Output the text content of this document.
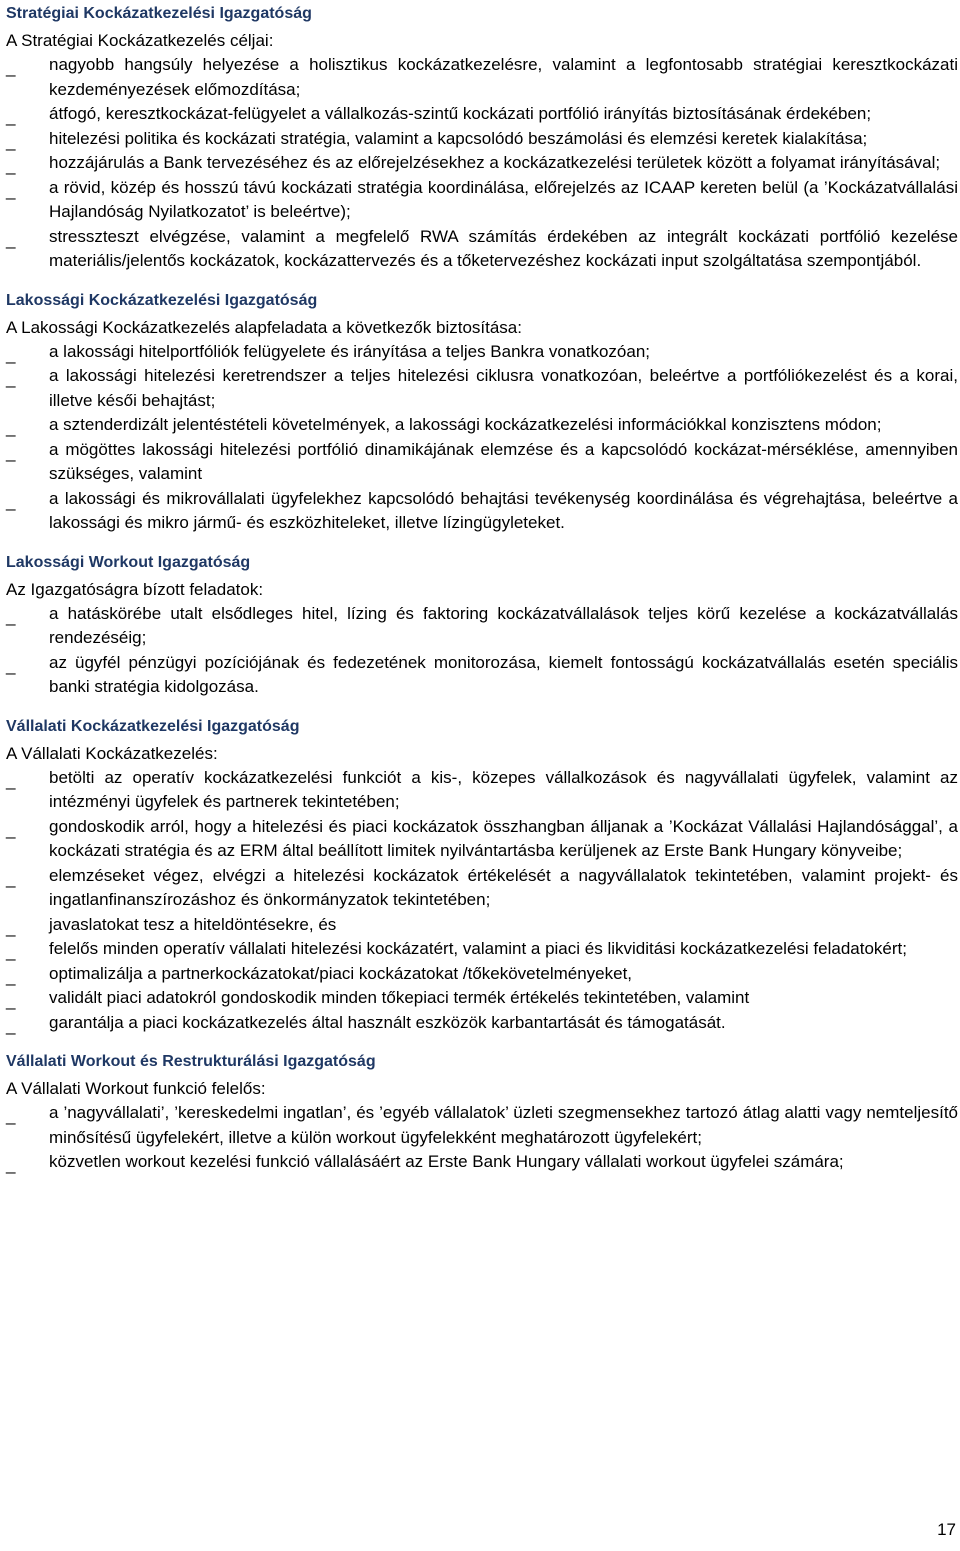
Stratégiai Kockázatkezelési Igazgatóság

A Stratégiai Kockázatkezelés céljai:

_ nagyobb hangsúly helyezése a holisztikus kockázatkezelésre, valamint a legfontosabb stratégiai keresztkockázati kezdeményezések előmozdítása;
_ átfogó, keresztkockázat-felügyelet a vállalkozás-szintű kockázati portfólió irányítás biztosításának érdekében;
_ hitelezési politika és kockázati stratégia, valamint a kapcsolódó beszámolási és elemzési keretek kialakítása;
_ hozzájárulás a Bank tervezéséhez és az előrejelzésekhez a kockázatkezelési területek között a folyamat irányításával;
_ a rövid, közép és hosszú távú kockázati stratégia koordinálása, előrejelzés az ICAAP kereten belül (a ’Kockázatvállalási Hajlandóság Nyilatkozatot’ is beleértve);
_ stresszteszt elvégzése, valamint a megfelelő RWA számítás érdekében az integrált kockázati portfólió kezelése materiális/jelentős kockázatok, kockázattervezés és a tőketervezéshez kockázati input szolgáltatása szempontjából.
Lakossági Kockázatkezelési Igazgatóság

A Lakossági Kockázatkezelés alapfeladata a következők biztosítása:

_ a lakossági hitelportfóliók felügyelete és irányítása a teljes Bankra vonatkozóan;
_ a lakossági hitelezési keretrendszer a teljes hitelezési ciklusra vonatkozóan, beleértve a portfóliókezelést és a korai, illetve késői behajtást;
_ a sztenderdizált jelentéstételi követelmények, a lakossági kockázatkezelési információkkal konzisztens módon;
_ a mögöttes lakossági hitelezési portfólió dinamikájának elemzése és a kapcsolódó kockázat-mérséklése, amennyiben szükséges, valamint
_ a lakossági és mikrovállalati ügyfelekhez kapcsolódó behajtási tevékenység koordinálása és végrehajtása, beleértve a lakossági és mikro jármű- és eszközhiteleket, illetve lízingügyleteket.
Lakossági Workout Igazgatóság

Az Igazgatóságra bízott feladatok:

_ a hatáskörébe utalt elsődleges hitel, lízing és faktoring kockázatvállalások teljes körű kezelése a kockázatvállalás rendezéséig;
_ az ügyfél pénzügyi pozíciójának és fedezetének monitorozása, kiemelt fontosságú kockázatvállalás esetén speciális banki stratégia kidolgozása.
Vállalati Kockázatkezelési Igazgatóság

A Vállalati Kockázatkezelés:

_ betölti az operatív kockázatkezelési funkciót a kis-, közepes vállalkozások és nagyvállalati ügyfelek, valamint az intézményi ügyfelek és partnerek tekintetében;
_ gondoskodik arról, hogy a hitelezési és piaci kockázatok összhangban álljanak a ’Kockázat Vállalási Hajlandósággal’, a kockázati stratégia és az ERM által beállított limitek nyilvántartásba kerüljenek az Erste Bank Hungary könyveibe;
_ elemzéseket végez, elvégzi a hitelezési kockázatok értékelését a nagyvállalatok tekintetében, valamint projekt- és ingatlanfinanszírozáshoz és önkormányzatok tekintetében;
_ javaslatokat tesz a hiteldöntésekre, és
_ felelős minden operatív vállalati hitelezési kockázatért, valamint a piaci és likviditási kockázatkezelési feladatokért;
_ optimalizálja a partnerkockázatokat/piaci kockázatokat /tőkekövetelményeket,
_ validált piaci adatokról gondoskodik minden tőkepiaci termék értékelés tekintetében, valamint
_ garantálja a piaci kockázatkezelés által használt eszközök karbantartását és támogatását.
Vállalati Workout és Restrukturálási Igazgatóság

A Vállalati Workout funkció felelős:

_ a ’nagyvállalati’, ’kereskedelmi ingatlan’, és ’egyéb vállalatok’ üzleti szegmensekhez tartozó átlag alatti vagy nemteljesítő minősítésű ügyfelekért, illetve a külön workout ügyfelekként meghatározott ügyfelekért;
_ közvetlen workout kezelési funkció vállalásáért az Erste Bank Hungary vállalati workout ügyfelei számára;
17
